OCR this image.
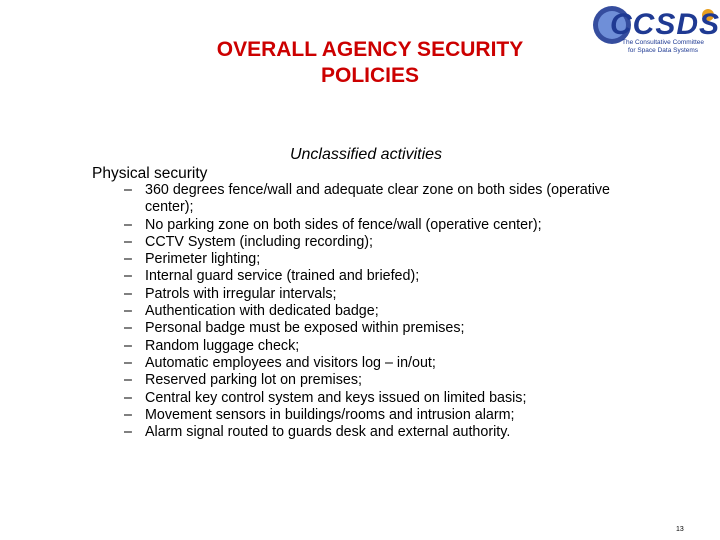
OVERALL AGENCY SECURITY
POLICIES
CCSDS
The Consultative Committee
for Space Data Systems
Unclassified activities
Physical security
– 360 degrees fence/wall and adequate clear zone on both sides (operative center);
– No parking zone on both sides of fence/wall (operative center);
– CCTV System (including recording);
– Perimeter lighting;
– Internal guard service (trained and briefed);
– Patrols with irregular intervals;
– Authentication with dedicated badge;
– Personal badge must be exposed within premises;
– Random luggage check;
– Automatic employees and visitors log – in/out;
– Reserved parking lot on premises;
– Central key control system and keys issued on limited basis;
– Movement sensors in buildings/rooms and intrusion alarm;
– Alarm signal routed to guards desk and external authority.
13
